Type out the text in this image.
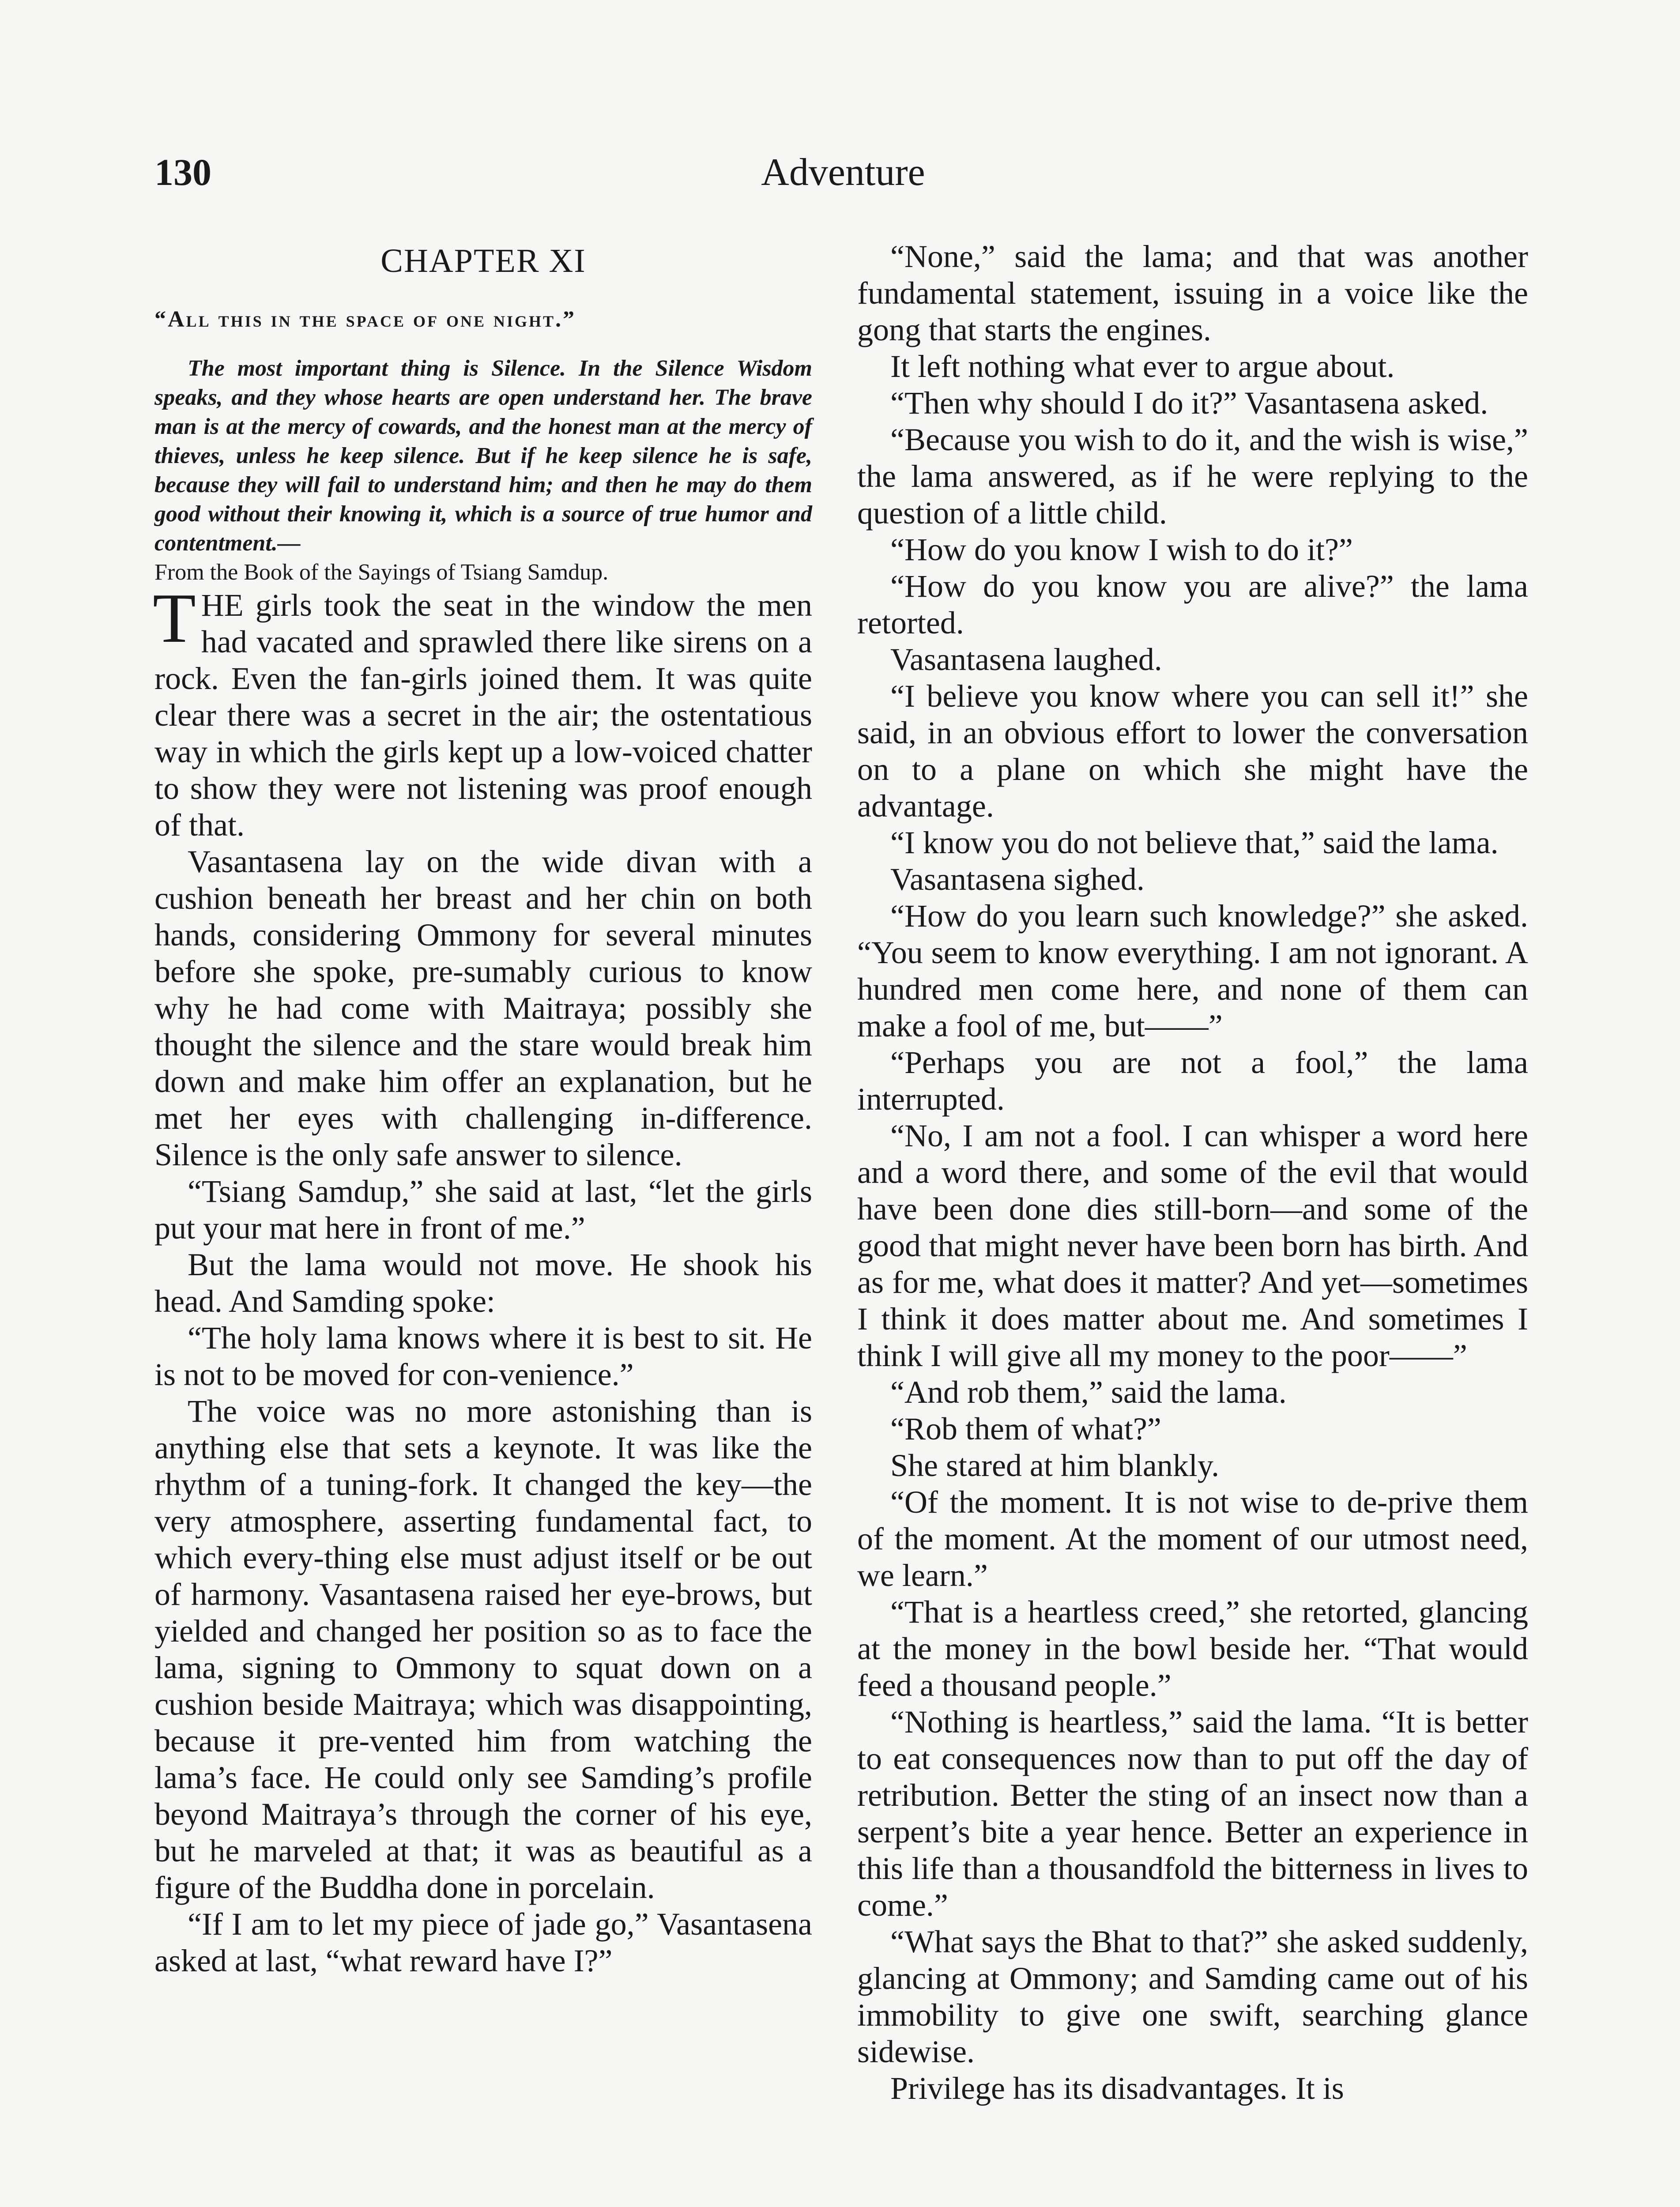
130	Adventure
CHAPTER XI
“All this in the space of one night.”

The most important thing is Silence. In the Silence Wisdom speaks, and they whose hearts are open understand her. The brave man is at the mercy of cowards, and the honest man at the mercy of thieves, unless he keep silence. But if he keep silence he is safe, because they will fail to understand him; and then he may do them good without their knowing it, which is a source of true humor and contentment.—

From the Book of the Sayings of Tsiang Samdup.

THE girls took the seat in the window the men had vacated and sprawled there like sirens on a rock. Even the fan-girls joined them. It was quite clear there was a secret in the air; the ostentatious way in which the girls kept up a low-voiced chatter to show they were not listening was proof enough of that.

Vasantasena lay on the wide divan with a cushion beneath her breast and her chin on both hands, considering Ommony for several minutes before she spoke, pre-sumably curious to know why he had come with Maitraya; possibly she thought the silence and the stare would break him down and make him offer an explanation, but he met her eyes with challenging in-difference. Silence is the only safe answer to silence.

“Tsiang Samdup,” she said at last, “let the girls put your mat here in front of me.”

But the lama would not move. He shook his head. And Samding spoke:

“The holy lama knows where it is best to sit. He is not to be moved for con-venience.”

The voice was no more astonishing than is anything else that sets a keynote. It was like the rhythm of a tuning-fork. It changed the key—the very atmosphere, asserting fundamental fact, to which every-thing else must adjust itself or be out of harmony. Vasantasena raised her eye-brows, but yielded and changed her position so as to face the lama, signing to Ommony to squat down on a cushion beside Maitraya; which was disappointing, because it pre-vented him from watching the lama’s face. He could only see Samding’s profile beyond Maitraya’s through the corner of his eye, but he marveled at that; it was as beautiful as a figure of the Buddha done in porcelain.

“If I am to let my piece of jade go,” Vasantasena asked at last, “what reward have I?”

“None,” said the lama; and that was another fundamental statement, issuing in a voice like the gong that starts the engines.

It left nothing what ever to argue about.

“Then why should I do it?” Vasantasena asked.

“Because you wish to do it, and the wish is wise,” the lama answered, as if he were replying to the question of a little child.

“How do you know I wish to do it?”

“How do you know you are alive?” the lama retorted.

Vasantasena laughed.

“I believe you know where you can sell it!” she said, in an obvious effort to lower the conversation on to a plane on which she might have the advantage.

“I know you do not believe that,” said the lama.

Vasantasena sighed.

“How do you learn such knowledge?” she asked. “You seem to know everything. I am not ignorant. A hundred men come here, and none of them can make a fool of me, but——”

“Perhaps you are not a fool,” the lama interrupted.

“No, I am not a fool. I can whisper a word here and a word there, and some of the evil that would have been done dies still-born—and some of the good that might never have been born has birth. And as for me, what does it matter? And yet—sometimes I think it does matter about me. And sometimes I think I will give all my money to the poor——”

“And rob them,” said the lama.

“Rob them of what?”

She stared at him blankly.

“Of the moment. It is not wise to de-prive them of the moment. At the moment of our utmost need, we learn.”

“That is a heartless creed,” she retorted, glancing at the money in the bowl beside her. “That would feed a thousand people.”

“Nothing is heartless,” said the lama. “It is better to eat consequences now than to put off the day of retribution. Better the sting of an insect now than a serpent’s bite a year hence. Better an experience in this life than a thousandfold the bitterness in lives to come.”

“What says the Bhat to that?” she asked suddenly, glancing at Ommony; and Samding came out of his immobility to give one swift, searching glance sidewise.

Privilege has its disadvantages. It is
